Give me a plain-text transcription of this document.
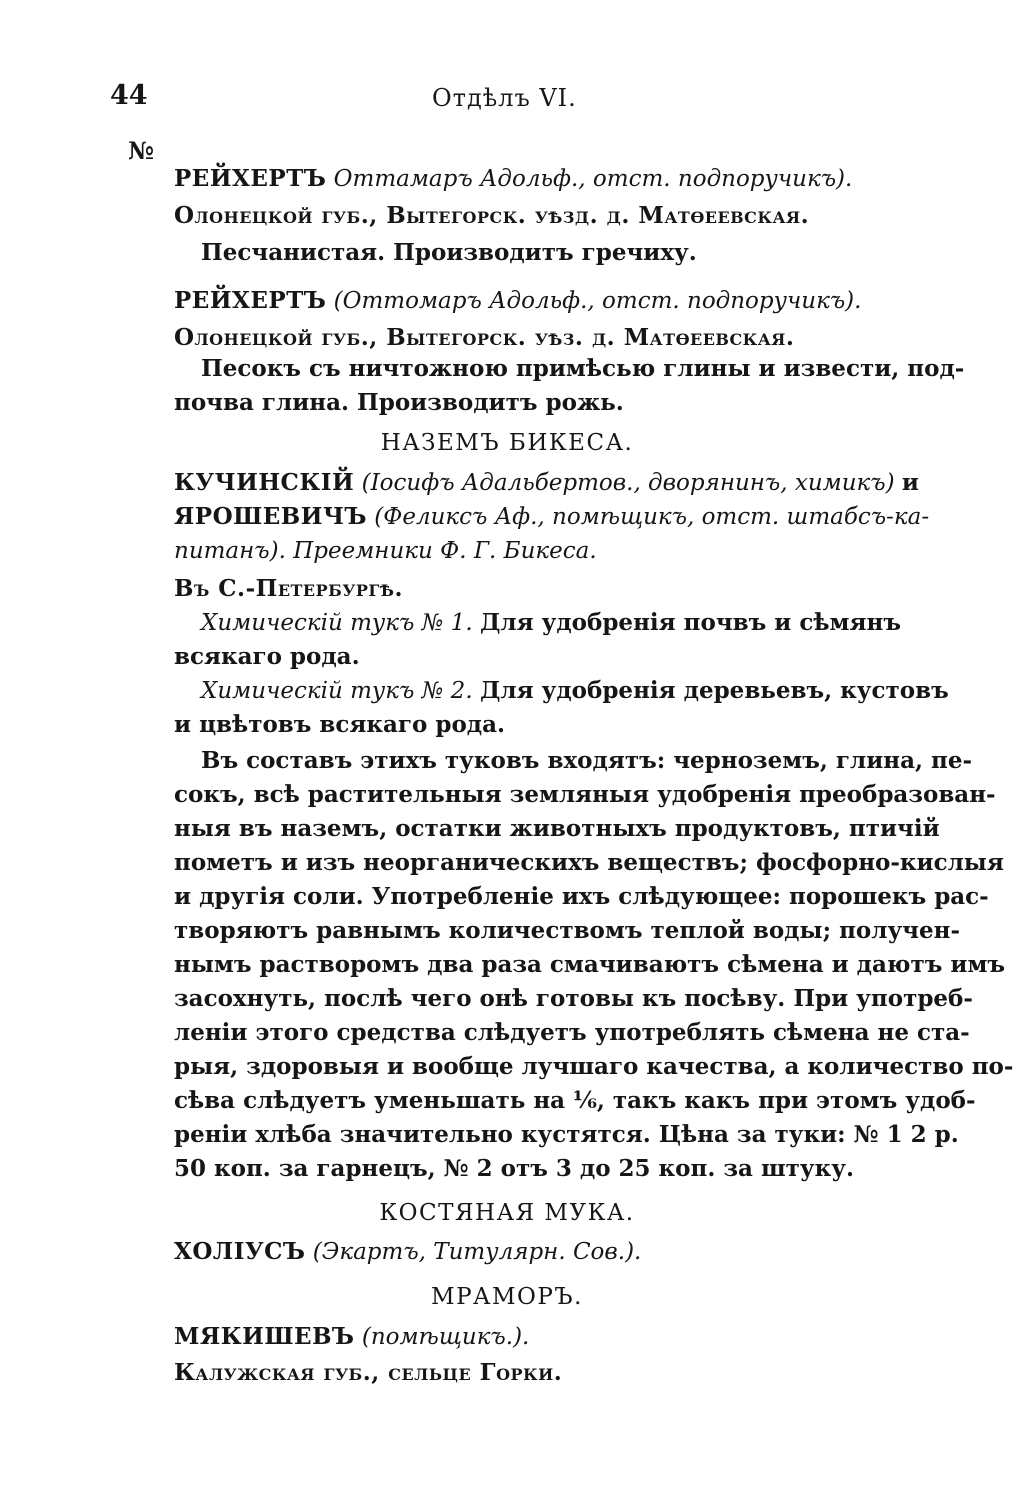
44	Отдѣлъ VI.
№
РЕЙХЕРТЪ Оттамаръ Адольф., отст. подпоручикъ).
Олонецкой губ., Вытегорск. уѣзд. д. Матѳеевская.
Песчанистая. Производитъ гречиху.
РЕЙХЕРТЪ (Оттомаръ Адольф., отст. подпоручикъ).
Олонецкой губ., Вытегорск. уѣз. д. Матѳеевская.
Песокъ съ ничтожною примѣсью глины и извести, под-
почва глина. Производитъ рожь.
НАЗЕМЪ БИКЕСА.
КУЧИНСКІЙ (Іосифъ Адальбертов., дворянинъ, химикъ) и
ЯРОШЕВИЧЪ (Феликсъ Аф., помѣщикъ, отст. штабсъ-ка-
питанъ). Преемники Ф. Г. Бикеса.
Въ С.-Петербургѣ.
Химическій тукъ № 1. Для удобренія почвъ и сѣмянъ
всякаго рода.
Химическій тукъ № 2. Для удобренія деревьевъ, кустовъ
и цвѣтовъ всякаго рода.
Въ составъ этихъ туковъ входятъ: черноземъ, глина, пе-
сокъ, всѣ растительныя земляныя удобренія преобразован-
ныя въ наземъ, остатки животныхъ продуктовъ, птичій
пометъ и изъ неорганическихъ веществъ; фосфорно-кислыя
и другія соли. Употребленіе ихъ слѣдующее: порошекъ рас-
творяютъ равнымъ количествомъ теплой воды; получен-
нымъ растворомъ два раза смачиваютъ сѣмена и даютъ имъ
засохнуть, послѣ чего онѣ готовы къ посѣву. При употреб-
леніи этого средства слѣдуетъ употреблять сѣмена не ста-
рыя, здоровыя и вообще лучшаго качества, а количество по-
сѣва слѣдуетъ уменьшать на ⅙, такъ какъ при этомъ удоб-
реніи хлѣба значительно кустятся. Цѣна за туки: № 1 2 р.
50 коп. за гарнецъ, № 2 отъ 3 до 25 коп. за штуку.
КОСТЯНАЯ МУКА.
ХОЛІУСЪ (Экартъ, Титулярн. Сов.).
МРАМОРЪ.
МЯКИШЕВЪ (помѣщикъ.).
Калужская губ., сельце Горки.
